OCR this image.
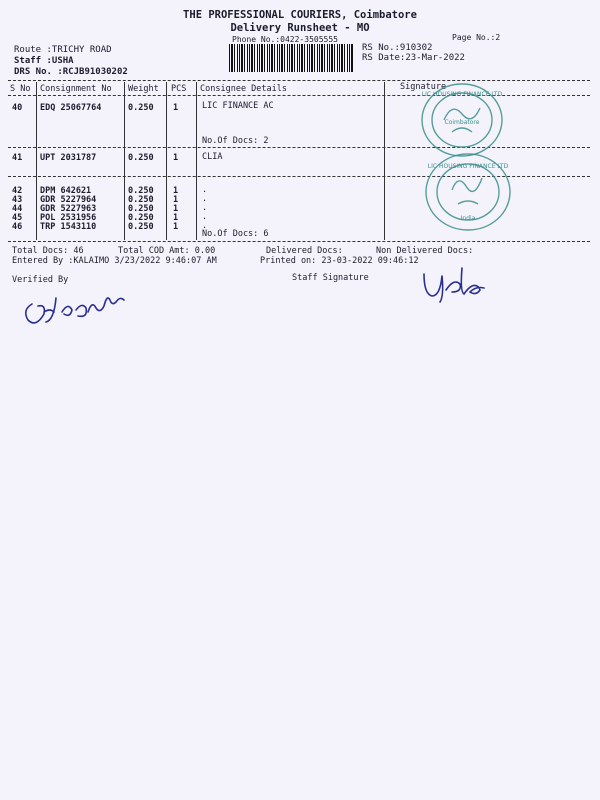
THE PROFESSIONAL COURIERS, Coimbatore
Delivery Runsheet - MO
Phone No.:0422-3505555	Page No.:2
Route :TRICHY ROAD
Staff :USHA
DRS No. :RCJB91030202
RS No.:910302
RS Date:23-Mar-2022
S No Consignment No Weight PCS Consignee Details	Signature
40 EDQ 25067764	0.250 1	LIC FINANCE AC
No.Of Docs: 2
41 UPT 2031787	0.250 1	CLIA
42 DPM 642621	0.250 1	.
43 GDR 5227964	0.250 1	.
44 GDR 5227963	0.250 1	.
45 POL 2531956	0.250 1	.
46 TRP 1543110	0.250 1	.
No.Of Docs: 6
Total Docs: 46	Total COD Amt: 0.00	Delivered Docs:	Non Delivered Docs:
Entered By :KALAIMO 3/23/2022 9:46:07 AM	Printed on: 23-03-2022 09:46:12
Verified By	Staff Signature
LIC HOUSING FINANCE LTD
Coimbatore
LIC HOUSING FINANCE LTD
India
